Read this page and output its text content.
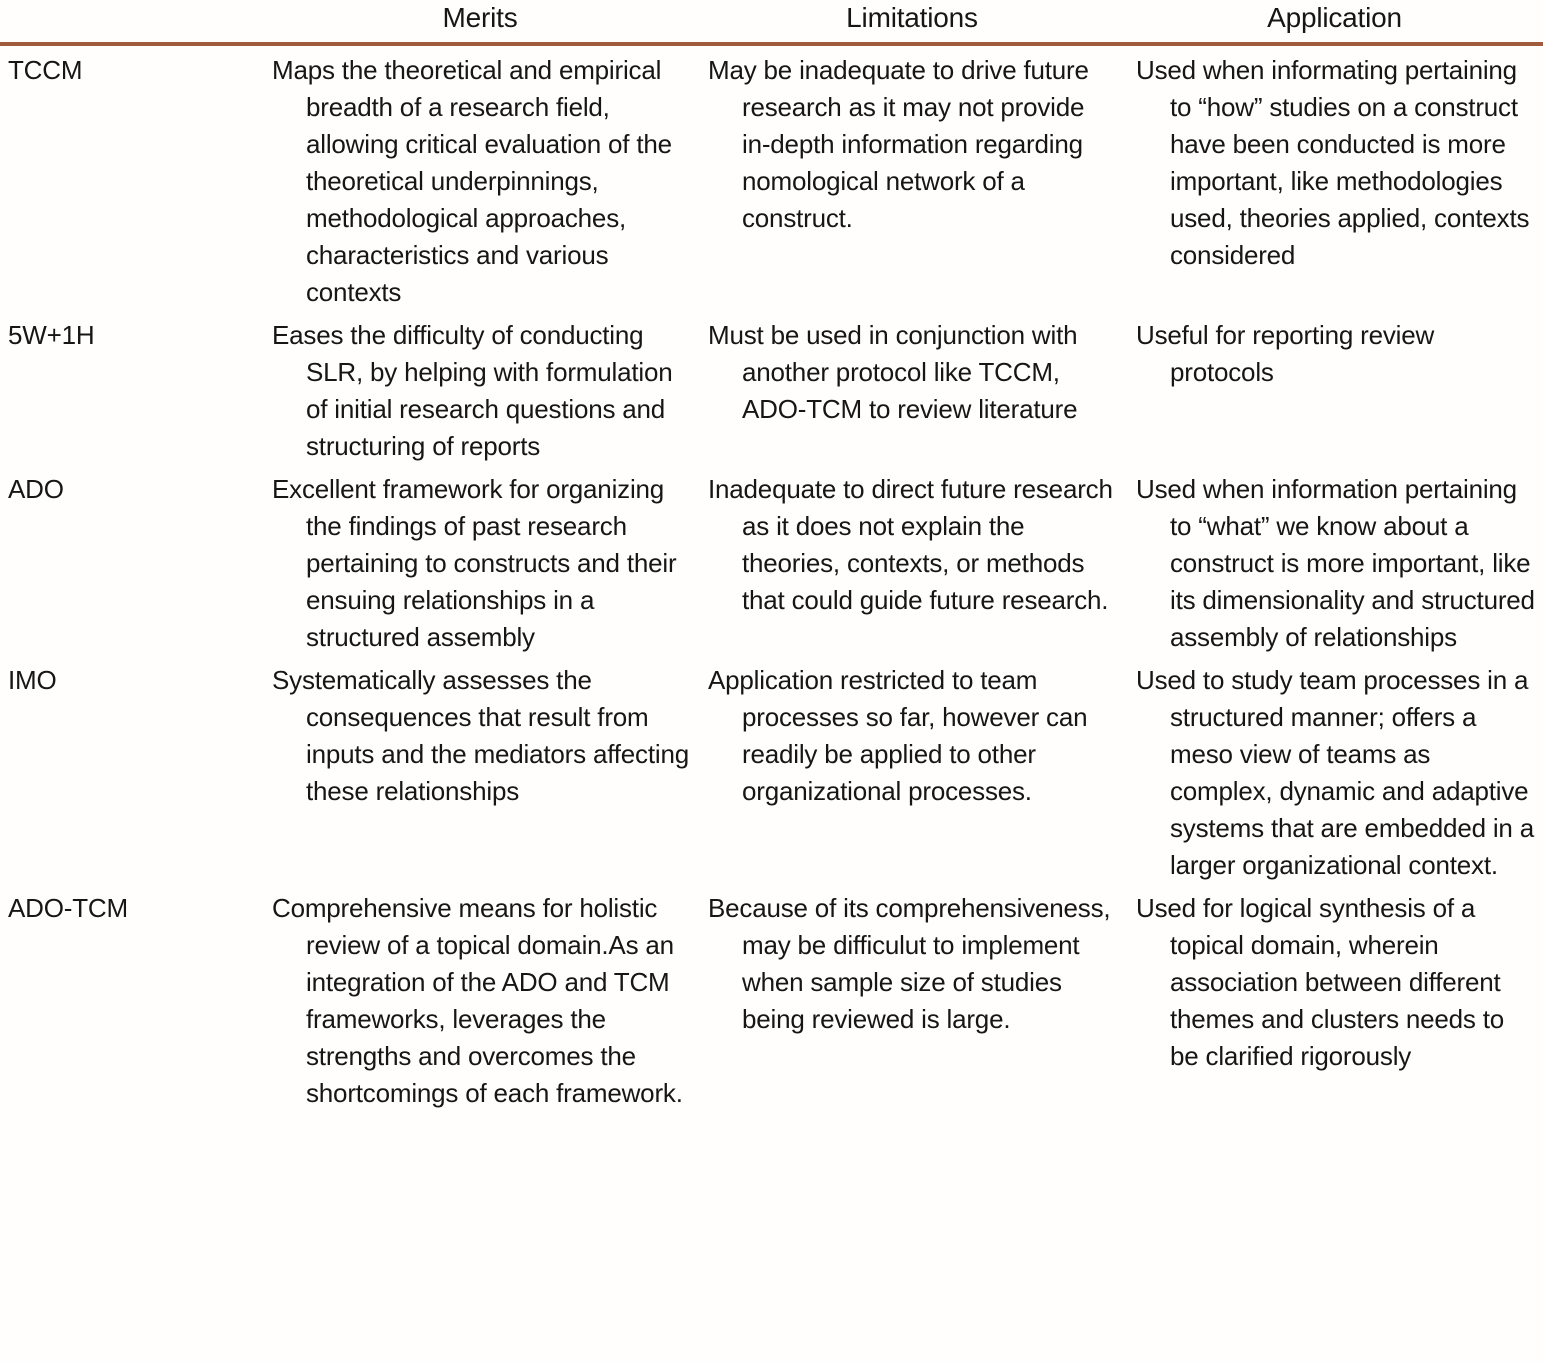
	Merits	Limitations	Application
TCCM	Maps the theoretical and empirical breadth of a research field, allowing critical evaluation of the theoretical underpinnings, methodological approaches, characteristics and various contexts	May be inadequate to drive future research as it may not provide in-depth information regarding nomological network of a construct.	Used when informating pertaining to “how” studies on a construct have been conducted is more important, like methodologies used, theories applied, contexts considered

5W+1H	Eases the difficulty of conducting SLR, by helping with formulation of initial research questions and structuring of reports	Must be used in conjunction with another protocol like TCCM, ADO-TCM to review literature	Useful for reporting review protocols

ADO	Excellent framework for organizing the findings of past research pertaining to constructs and their ensuing relationships in a structured assembly	Inadequate to direct future research as it does not explain the theories, contexts, or methods that could guide future research.	Used when information pertaining to “what” we know about a construct is more important, like its dimensionality and structured assembly of relationships

IMO	Systematically assesses the consequences that result from inputs and the mediators affecting these relationships	Application restricted to team processes so far, however can readily be applied to other organizational processes.	Used to study team processes in a structured manner; offers a meso view of teams as complex, dynamic and adaptive systems that are embedded in a larger organizational context.

ADO-TCM	Comprehensive means for holistic review of a topical domain.As an integration of the ADO and TCM frameworks, leverages the strengths and overcomes the shortcomings of each framework.	Because of its comprehensiveness, may be difficulut to implement when sample size of studies being reviewed is large.	Used for logical synthesis of a topical domain, wherein association between different themes and clusters needs to be clarified rigorously
